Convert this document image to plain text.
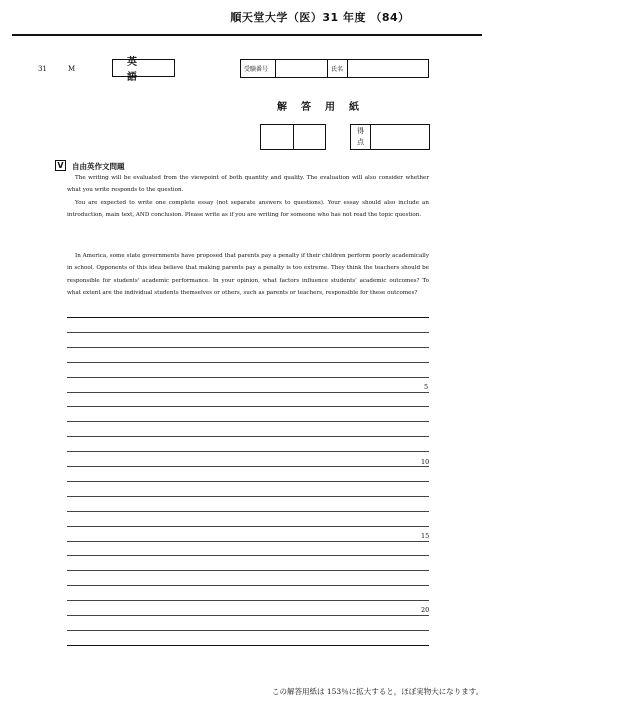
順天堂大学（医）31 年度 （84）
31	M
英語
受験番号	氏名
解答用紙
得
点
V	自由英作文問題
The writing will be evaluated from the viewpoint of both quantity and quality. The evaluation will also consider whether what you write responds to the question.
You are expected to write one complete essay (not separate answers to questions). Your essay should also include an introduction, main text, AND conclusion. Please write as if you are writing for someone who has not read the topic question.
In America, some state governments have proposed that parents pay a penalty if their children perform poorly academically in school. Opponents of this idea believe that making parents pay a penalty is too extreme. They think the teachers should be responsible for students' academic performance. In your opinion, what factors influence students' academic outcomes? To what extent are the individual students themselves or others, such as parents or teachers, responsible for these outcomes?
5
10
15
20
この解答用紙は 153％に拡大すると，ほぼ実物大になります。
